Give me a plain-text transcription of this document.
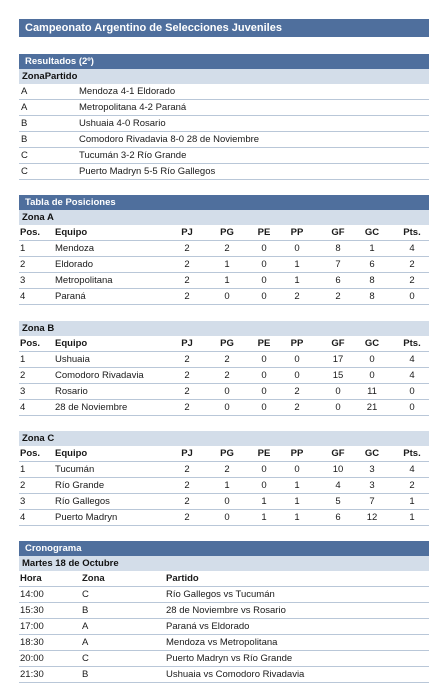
Campeonato Argentino de Selecciones Juveniles
Resultados (2º)
ZonaPartido
A	Mendoza 4-1 Eldorado
A	Metropolitana 4-2 Paraná
B	Ushuaia 4-0 Rosario
B	Comodoro Rivadavia 8-0 28 de Noviembre
C	Tucumán 3-2 Río Grande
C	Puerto Madryn 5-5 Río Gallegos
Tabla de Posiciones
Zona A
Pos. Equipo	PJ	PG	PE	PP	GF	GC	Pts.
1	Mendoza	2	2	0	0	8	1	4
2	Eldorado	2	1	0	1	7	6	2
3	Metropolitana	2	1	0	1	6	8	2
4	Paraná	2	0	0	2	2	8	0
Zona B
Pos. Equipo	PJ	PG	PE	PP	GF	GC	Pts.
1	Ushuaia	2	2	0	0	17	0	4
2	Comodoro Rivadavia	2	2	0	0	15	0	4
3	Rosario	2	0	0	2	0	11	0
4	28 de Noviembre	2	0	0	2	0	21	0
Zona C
Pos. Equipo	PJ	PG	PE	PP	GF	GC	Pts.
1	Tucumán	2	2	0	0	10	3	4
2	Río Grande	2	1	0	1	4	3	2
3	Río Gallegos	2	0	1	1	5	7	1
4	Puerto Madryn	2	0	1	1	6	12	1
Cronograma
Martes 18 de Octubre
Hora	Zona	Partido
14:00	C	Río Gallegos vs Tucumán
15:30	B	28 de Noviembre vs Rosario
17:00	A	Paraná vs Eldorado
18:30	A	Mendoza vs Metropolitana
20:00	C	Puerto Madryn vs Río Grande
21:30	B	Ushuaia vs Comodoro Rivadavia
